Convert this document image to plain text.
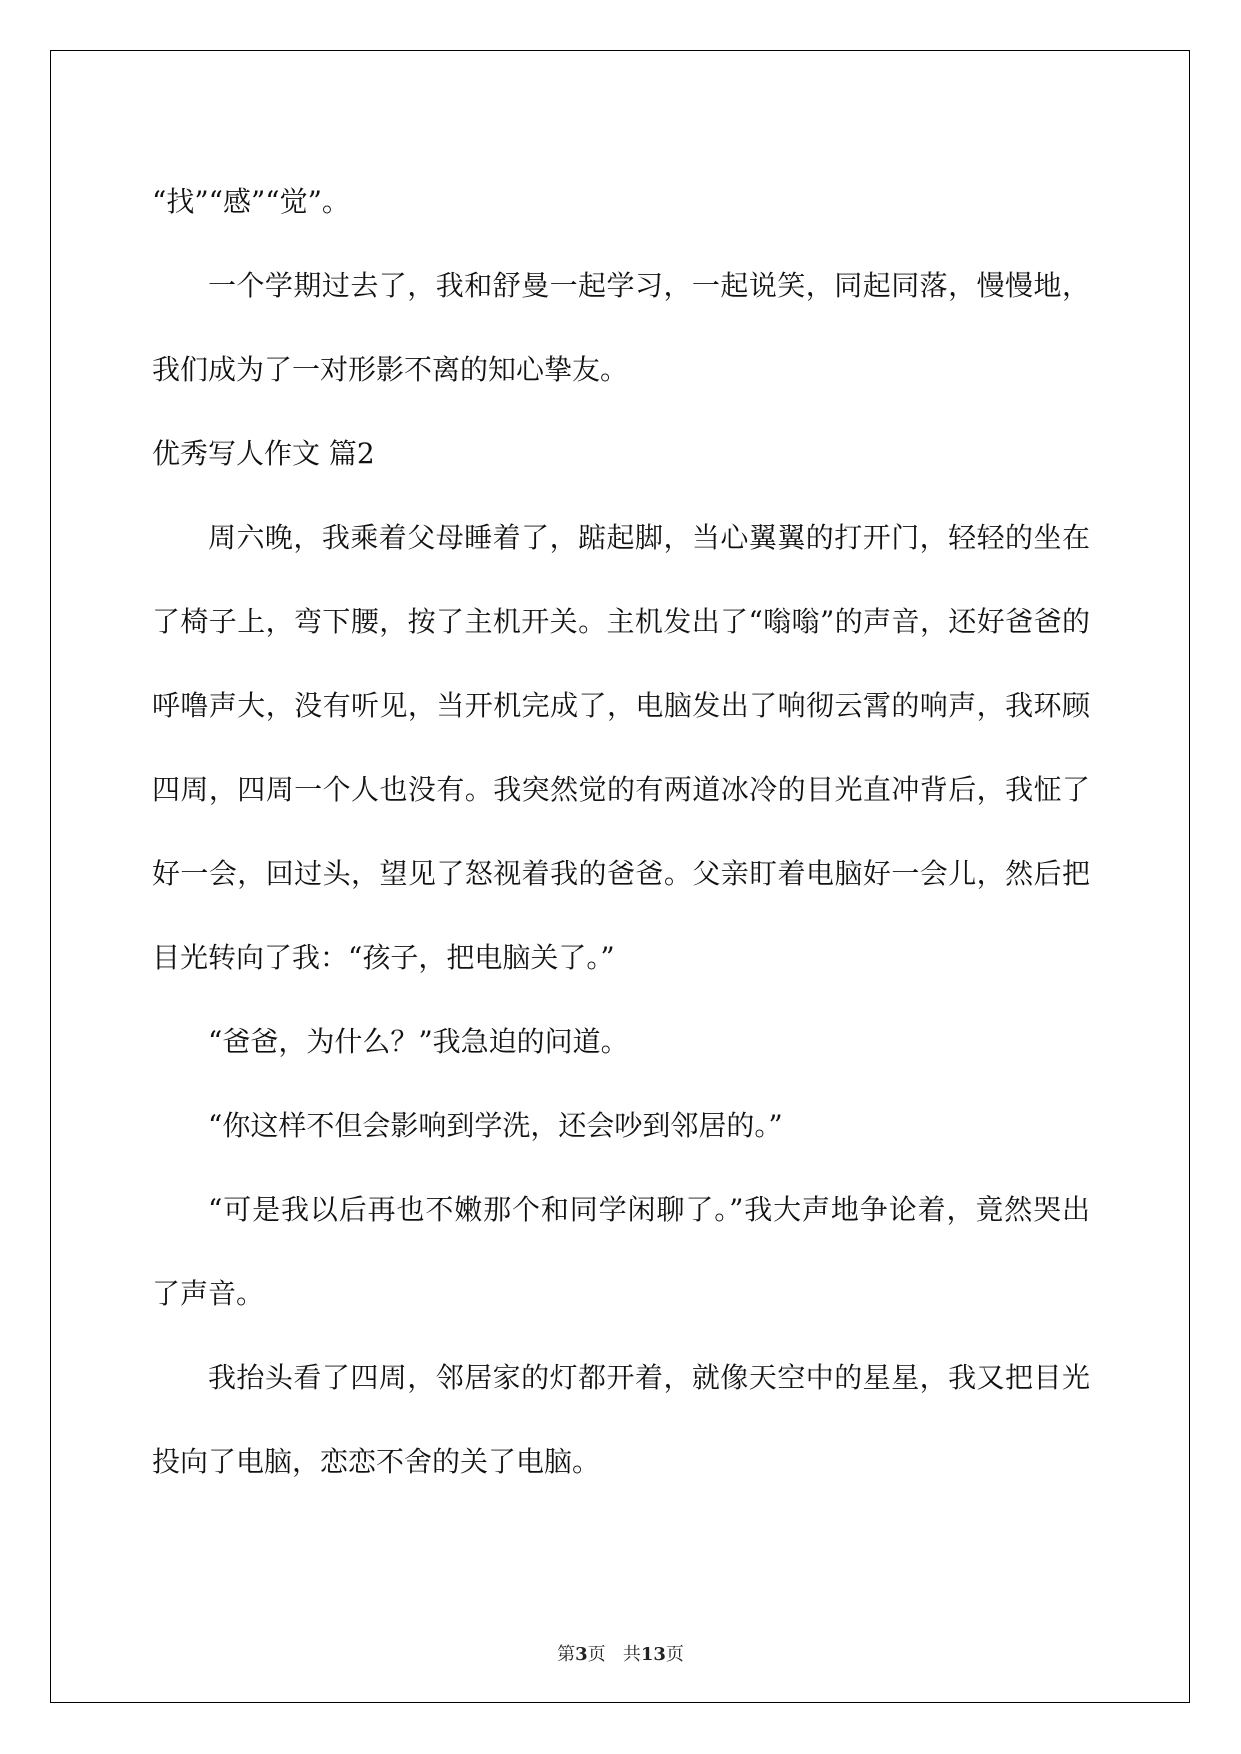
“找”“感”“觉”。

一个学期过去了，我和舒曼一起学习，一起说笑，同起同落，慢慢地，我们成为了一对形影不离的知心挚友。

优秀写人作文 篇2

周六晚，我乘着父母睡着了，踮起脚，当心翼翼的打开门，轻轻的坐在了椅子上，弯下腰，按了主机开关。主机发出了“嗡嗡”的声音，还好爸爸的呼噜声大，没有听见，当开机完成了，电脑发出了响彻云霄的响声，我环顾四周，四周一个人也没有。我突然觉的有两道冰冷的目光直冲背后，我怔了好一会，回过头，望见了怒视着我的爸爸。父亲盯着电脑好一会儿，然后把目光转向了我：“孩子，把电脑关了。”

“爸爸，为什么？”我急迫的问道。

“你这样不但会影响到学洗，还会吵到邻居的。”

“可是我以后再也不嫩那个和同学闲聊了。”我大声地争论着，竟然哭出了声音。

我抬头看了四周，邻居家的灯都开着，就像天空中的星星，我又把目光投向了电脑，恋恋不舍的关了电脑。

第3页 共13页
